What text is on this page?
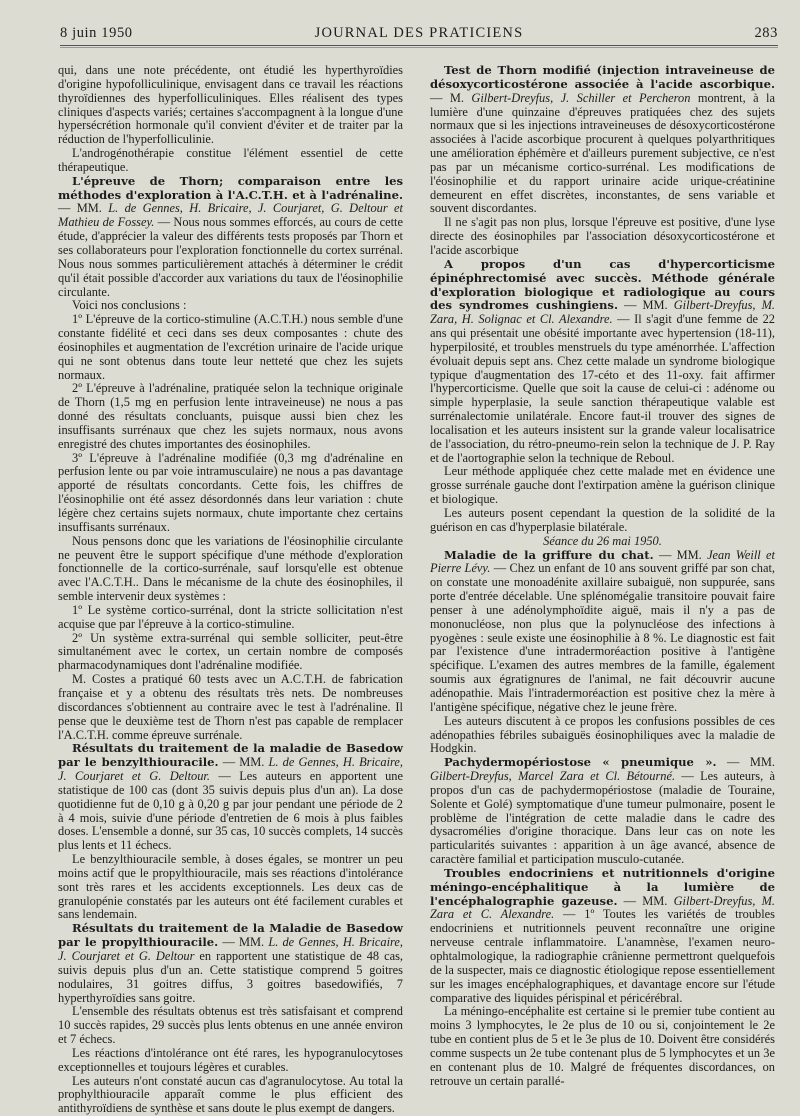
JOURNAL DES PRATICIENS
8 juin 1950	283

qui, dans une note précédente, ont étudié les hyperthyroïdies d'origine hypofolliculinique, envisagent dans ce travail les réactions thyroïdiennes des hyperfolliculiniques. Elles réalisent des types cliniques d'aspects variés; certaines s'accompagnent à la longue d'une hypersécrétion hormonale qu'il convient d'éviter et de traiter par la réduction de l'hyperfolliculinie.

L'androgénothérapie constitue l'élément essentiel de cette thérapeutique.

L'épreuve de Thorn; comparaison entre les méthodes d'exploration à l'A.C.T.H. et à l'adrénaline. — MM. L. de Gennes, H. Bricaire, J. Courjaret, G. Deltour et Mathieu de Fossey. — Nous nous sommes efforcés, au cours de cette étude, d'apprécier la valeur des différents tests proposés par Thorn et ses collaborateurs pour l'exploration fonctionnelle du cortex surrénal. Nous nous sommes particulièrement attachés à déterminer le crédit qu'il était possible d'accorder aux variations du taux de l'éosinophilie circulante.

Voici nos conclusions :

1º L'épreuve de la cortico-stimuline (A.C.T.H.) nous semble d'une constante fidélité et ceci dans ses deux composantes : chute des éosinophiles et augmentation de l'excrétion urinaire de l'acide urique qui ne sont obtenus dans toute leur netteté que chez les sujets normaux.

2º L'épreuve à l'adrénaline, pratiquée selon la technique originale de Thorn (1,5 mg en perfusion lente intraveineuse) ne nous a pas donné des résultats concluants, puisque aussi bien chez les insuffisants surrénaux que chez les sujets normaux, nous avons enregistré des chutes importantes des éosinophiles.

3º L'épreuve à l'adrénaline modifiée (0,3 mg d'adrénaline en perfusion lente ou par voie intramusculaire) ne nous a pas davantage apporté de résultats concordants. Cette fois, les chiffres de l'éosinophilie ont été assez désordonnés dans leur variation : chute légère chez certains sujets normaux, chute importante chez certains insuffisants surrénaux.

Nous pensons donc que les variations de l'éosinophilie circulante ne peuvent être le support spécifique d'une méthode d'exploration fonctionnelle de la cortico-surrénale, sauf lorsqu'elle est obtenue avec l'A.C.T.H.. Dans le mécanisme de la chute des éosinophiles, il semble intervenir deux systèmes :

1º Le système cortico-surrénal, dont la stricte sollicitation n'est acquise que par l'épreuve à la cortico-stimuline.

2º Un système extra-surrénal qui semble solliciter, peut-être simultanément avec le cortex, un certain nombre de composés pharmacodynamiques dont l'adrénaline modifiée.

M. Costes a pratiqué 60 tests avec un A.C.T.H. de fabrication française et y a obtenu des résultats très nets. De nombreuses discordances s'obtiennent au contraire avec le test à l'adrénaline. Il pense que le deuxième test de Thorn n'est pas capable de remplacer l'A.C.T.H. comme épreuve surrénale.

Résultats du traitement de la maladie de Basedow par le benzylthiouracile. — MM. L. de Gennes, H. Bricaire, J. Courjaret et G. Deltour. — Les auteurs en apportent une statistique de 100 cas (dont 35 suivis depuis plus d'un an). La dose quotidienne fut de 0,10 g à 0,20 g par jour pendant une période de 2 à 4 mois, suivie d'une période d'entretien de 6 mois à plus faibles doses. L'ensemble a donné, sur 35 cas, 10 succès complets, 14 succès plus lents et 11 échecs.

Le benzylthiouracile semble, à doses égales, se montrer un peu moins actif que le propylthiouracile, mais ses réactions d'intolérance sont très rares et les accidents exceptionnels. Les deux cas de granulopénie constatés par les auteurs ont été facilement curables et sans lendemain.

Résultats du traitement de la Maladie de Basedow par le propylthiouracile. — MM. L. de Gennes, H. Bricaire, J. Courjaret et G. Deltour en rapportent une statistique de 48 cas, suivis depuis plus d'un an. Cette statistique comprend 5 goitres nodulaires, 31 goitres diffus, 3 goitres basedowifiés, 7 hyperthyroïdies sans goitre.

L'ensemble des résultats obtenus est très satisfaisant et comprend 10 succès rapides, 29 succès plus lents obtenus en une année environ et 7 échecs.

Les réactions d'intolérance ont été rares, les hypogranulocytoses exceptionnelles et toujours légères et curables.

Les auteurs n'ont constaté aucun cas d'agranulocytose. Au total la prophylthiouracile apparaît comme le plus efficient des antithyroïdiens de synthèse et sans doute le plus exempt de dangers.

Test de Thorn modifié (injection intraveineuse de désoxycorticostérone associée à l'acide ascorbique. — M. Gilbert-Dreyfus, J. Schiller et Percheron montrent, à la lumière d'une quinzaine d'épreuves pratiquées chez des sujets normaux que si les injections intraveineuses de désoxycorticostérone associées à l'acide ascorbique procurent à quelques polyarthritiques une amélioration éphémère et d'ailleurs purement subjective, ce n'est pas par un mécanisme cortico-surrénal. Les modifications de l'éosinophilie et du rapport urinaire acide urique-créatinine demeurent en effet discrètes, inconstantes, de sens variable et souvent discordantes.

Il ne s'agit pas non plus, lorsque l'épreuve est positive, d'une lyse directe des éosinophiles par l'association désoxycorticostérone et l'acide ascorbique

A propos d'un cas d'hypercorticisme épinéphrectomisé avec succès. Méthode générale d'exploration biologique et radiologique au cours des syndromes cushingiens. — MM. Gilbert-Dreyfus, M. Zara, H. Solignac et Cl. Alexandre. — Il s'agit d'une femme de 22 ans qui présentait une obésité importante avec hypertension (18-11), hyperpilosité, et troubles menstruels du type aménorrhée. L'affection évoluait depuis sept ans. Chez cette malade un syndrome biologique typique d'augmentation des 17-céto et des 11-oxy. fait affirmer l'hypercorticisme. Quelle que soit la cause de celui-ci : adénome ou simple hyperplasie, la seule sanction thérapeutique valable est surrénalectomie unilatérale. Encore faut-il trouver des signes de localisation et les auteurs insistent sur la grande valeur localisatrice de l'association, du rétro-pneumo-rein selon la technique de J. P. Ray et de l'aortographie selon la technique de Reboul.

Leur méthode appliquée chez cette malade met en évidence une grosse surrénale gauche dont l'extirpation amène la guérison clinique et biologique.

Les auteurs posent cependant la question de la solidité de la guérison en cas d'hyperplasie bilatérale.

Séance du 26 mai 1950.

Maladie de la griffure du chat. — MM. Jean Weill et Pierre Lévy. — Chez un enfant de 10 ans souvent griffé par son chat, on constate une monoadénite axillaire subaiguë, non suppurée, sans porte d'entrée décelable. Une splénomégalie transitoire pouvait faire penser à une adénolymphoïdite aiguë, mais il n'y a pas de mononucléose, non plus que la polynucléose des infections à pyogènes : seule existe une éosinophilie à 8 %. Le diagnostic est fait par l'existence d'une intradermoréaction positive à l'antigène spécifique. L'examen des autres membres de la famille, également soumis aux égratignures de l'animal, ne fait découvrir aucune adénopathie. Mais l'intradermoréaction est positive chez la mère à l'antigène spécifique, négative chez le jeune frère.

Les auteurs discutent à ce propos les confusions possibles de ces adénopathies fébriles subaiguës éosinophiliques avec la maladie de Hodgkin.

Pachydermopériostose « pneumique ». — MM. Gilbert-Dreyfus, Marcel Zara et Cl. Bétourné. — Les auteurs, à propos d'un cas de pachydermopériostose (maladie de Touraine, Solente et Golé) symptomatique d'une tumeur pulmonaire, posent le problème de l'intégration de cette maladie dans le cadre des dysacromélies d'origine thoracique. Dans leur cas on note les particularités suivantes : apparition à un âge avancé, absence de caractère familial et participation musculo-cutanée.

Troubles endocriniens et nutritionnels d'origine méningo-encéphalitique à la lumière de l'encéphalographie gazeuse. — MM. Gilbert-Dreyfus, M. Zara et C. Alexandre. — 1º Toutes les variétés de troubles endocriniens et nutritionnels peuvent reconnaître une origine nerveuse centrale inflammatoire. L'anamnèse, l'examen neuro-ophtalmologique, la radiographie crânienne permettront quelquefois de la suspecter, mais ce diagnostic étiologique repose essentiellement sur les images encéphalographiques, et davantage encore sur l'étude comparative des liquides périspinal et péricérébral.

La méningo-encéphalite est certaine si le premier tube contient au moins 3 lymphocytes, le 2e plus de 10 ou si, conjointement le 2e tube en contient plus de 5 et le 3e plus de 10. Doivent être considérés comme suspects un 2e tube contenant plus de 5 lymphocytes et un 3e en contenant plus de 10. Malgré de fréquentes discordances, on retrouve un certain parallé-
